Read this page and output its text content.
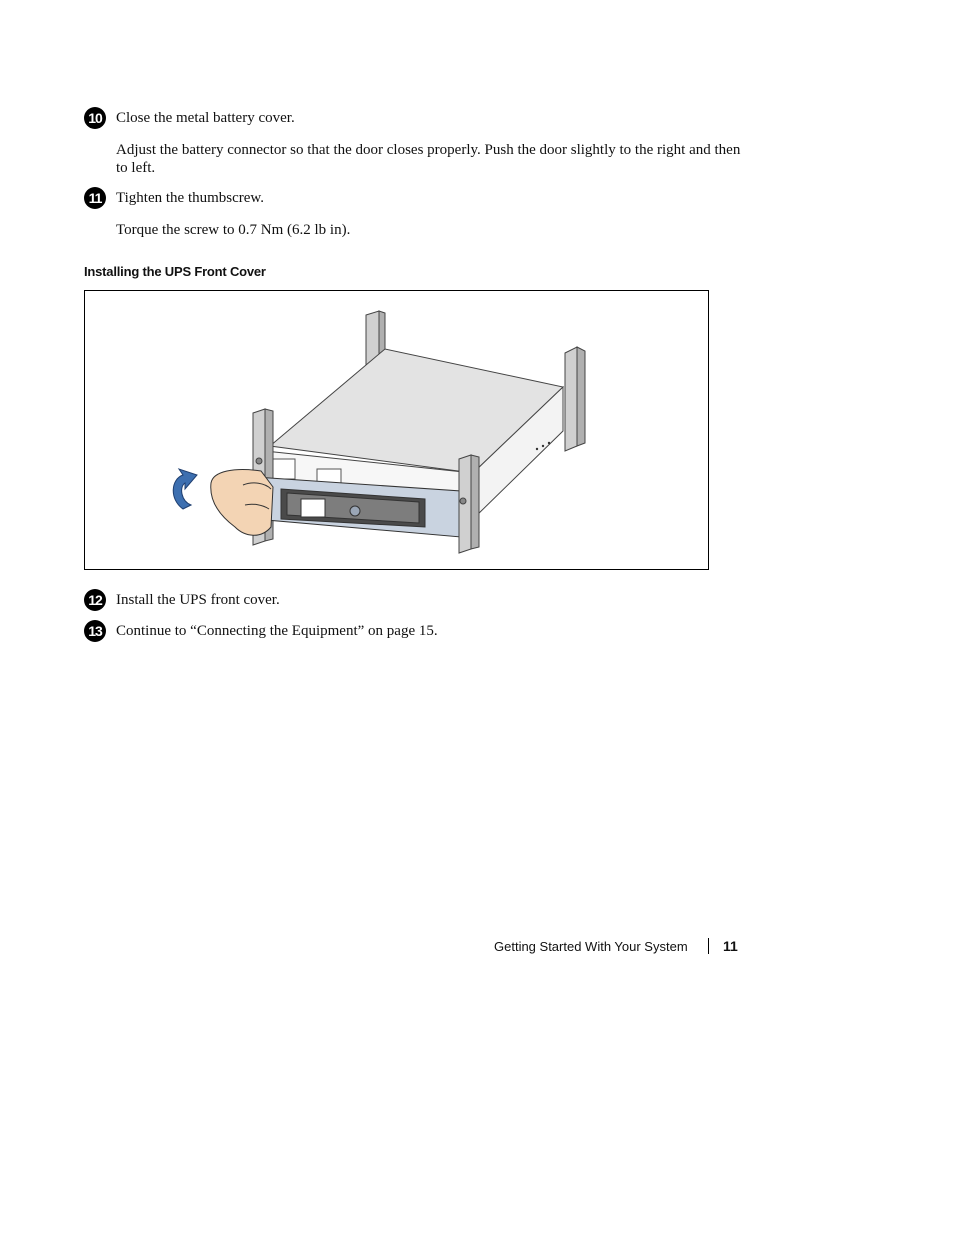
10 Close the metal battery cover.
Adjust the battery connector so that the door closes properly. Push the door slightly to the right and then to left.
11 Tighten the thumbscrew.
Torque the screw to 0.7 Nm (6.2 lb in).
Installing the UPS Front Cover
12 Install the UPS front cover.
13 Continue to “Connecting the Equipment” on page 15.
Getting Started With Your System	11
